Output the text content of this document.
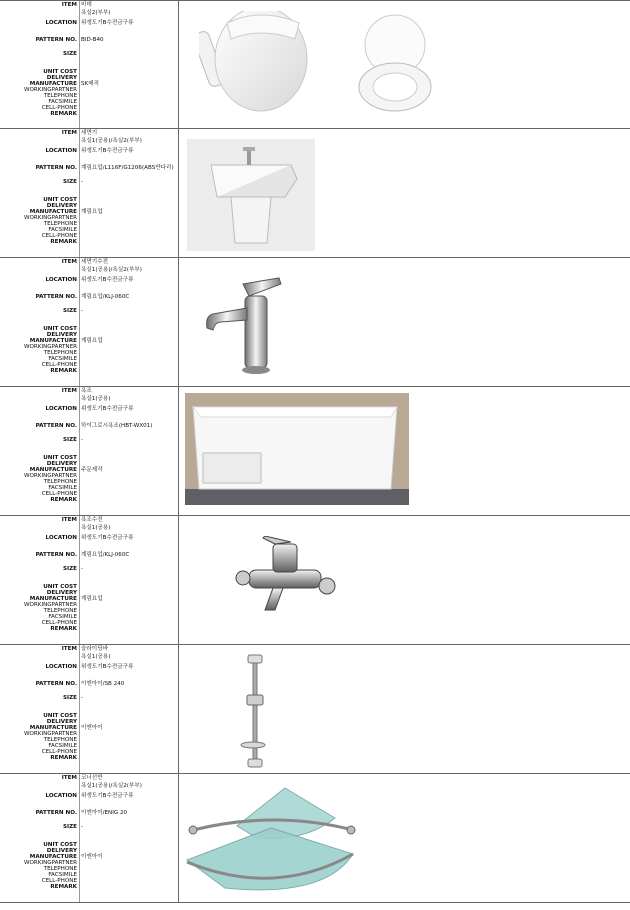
ITEM
LOCATION
PATTERN NO.
SIZE
UNIT COST
DELIVERY
MANUFACTURE
WORKINGPARTNER
TELEPHONE
FACSIMILE
CELL-PHONE
REMARK
비데
욕실2(부부)
위생도기B수전금구류
BID-B40
SK매직
ITEM
LOCATION
PATTERN NO.
SIZE
UNIT COST
DELIVERY
MANUFACTURE
WORKINGPARTNER
TELEPHONE
FACSIMILE
CELL-PHONE
REMARK
세면기
욕실1(공용)/욕실2(부부)
위생도기B수전금구류
계림요업/L116F/G1206(ABS반다리)
-
계림요업
ITEM
LOCATION
PATTERN NO.
SIZE
UNIT COST
DELIVERY
MANUFACTURE
WORKINGPARTNER
TELEPHONE
FACSIMILE
CELL-PHONE
REMARK
세면기수전
욕실1(공용)/욕실2(부부)
위생도기B수전금구류
계림요업/KLJ-060C
-
계림요업
ITEM
LOCATION
PATTERN NO.
SIZE
UNIT COST
DELIVERY
MANUFACTURE
WORKINGPARTNER
TELEPHONE
FACSIMILE
CELL-PHONE
REMARK
욕조
욕실1(공용)
위생도기B수전금구류
하이그로시욕조(HBT-WX01)
-
주문제작
ITEM
LOCATION
PATTERN NO.
SIZE
UNIT COST
DELIVERY
MANUFACTURE
WORKINGPARTNER
TELEPHONE
FACSIMILE
CELL-PHONE
REMARK
욕조수전
욕실1(공용)
위생도기B수전금구류
계림요업/KLJ-060C
-
계림요업
ITEM
LOCATION
PATTERN NO.
SIZE
UNIT COST
DELIVERY
MANUFACTURE
WORKINGPARTNER
TELEPHONE
FACSIMILE
CELL-PHONE
REMARK
슬라이딩바
욕실1(공용)
위생도기B수전금구류
이엔아이/SB 240
-
이엔아이
ITEM
LOCATION
PATTERN NO.
SIZE
UNIT COST
DELIVERY
MANUFACTURE
WORKINGPARTNER
TELEPHONE
FACSIMILE
CELL-PHONE
REMARK
코너선반
욕실1(공용)/욕실2(부부)
위생도기B수전금구류
이엔아이/ENIG 20
-
이엔아이
